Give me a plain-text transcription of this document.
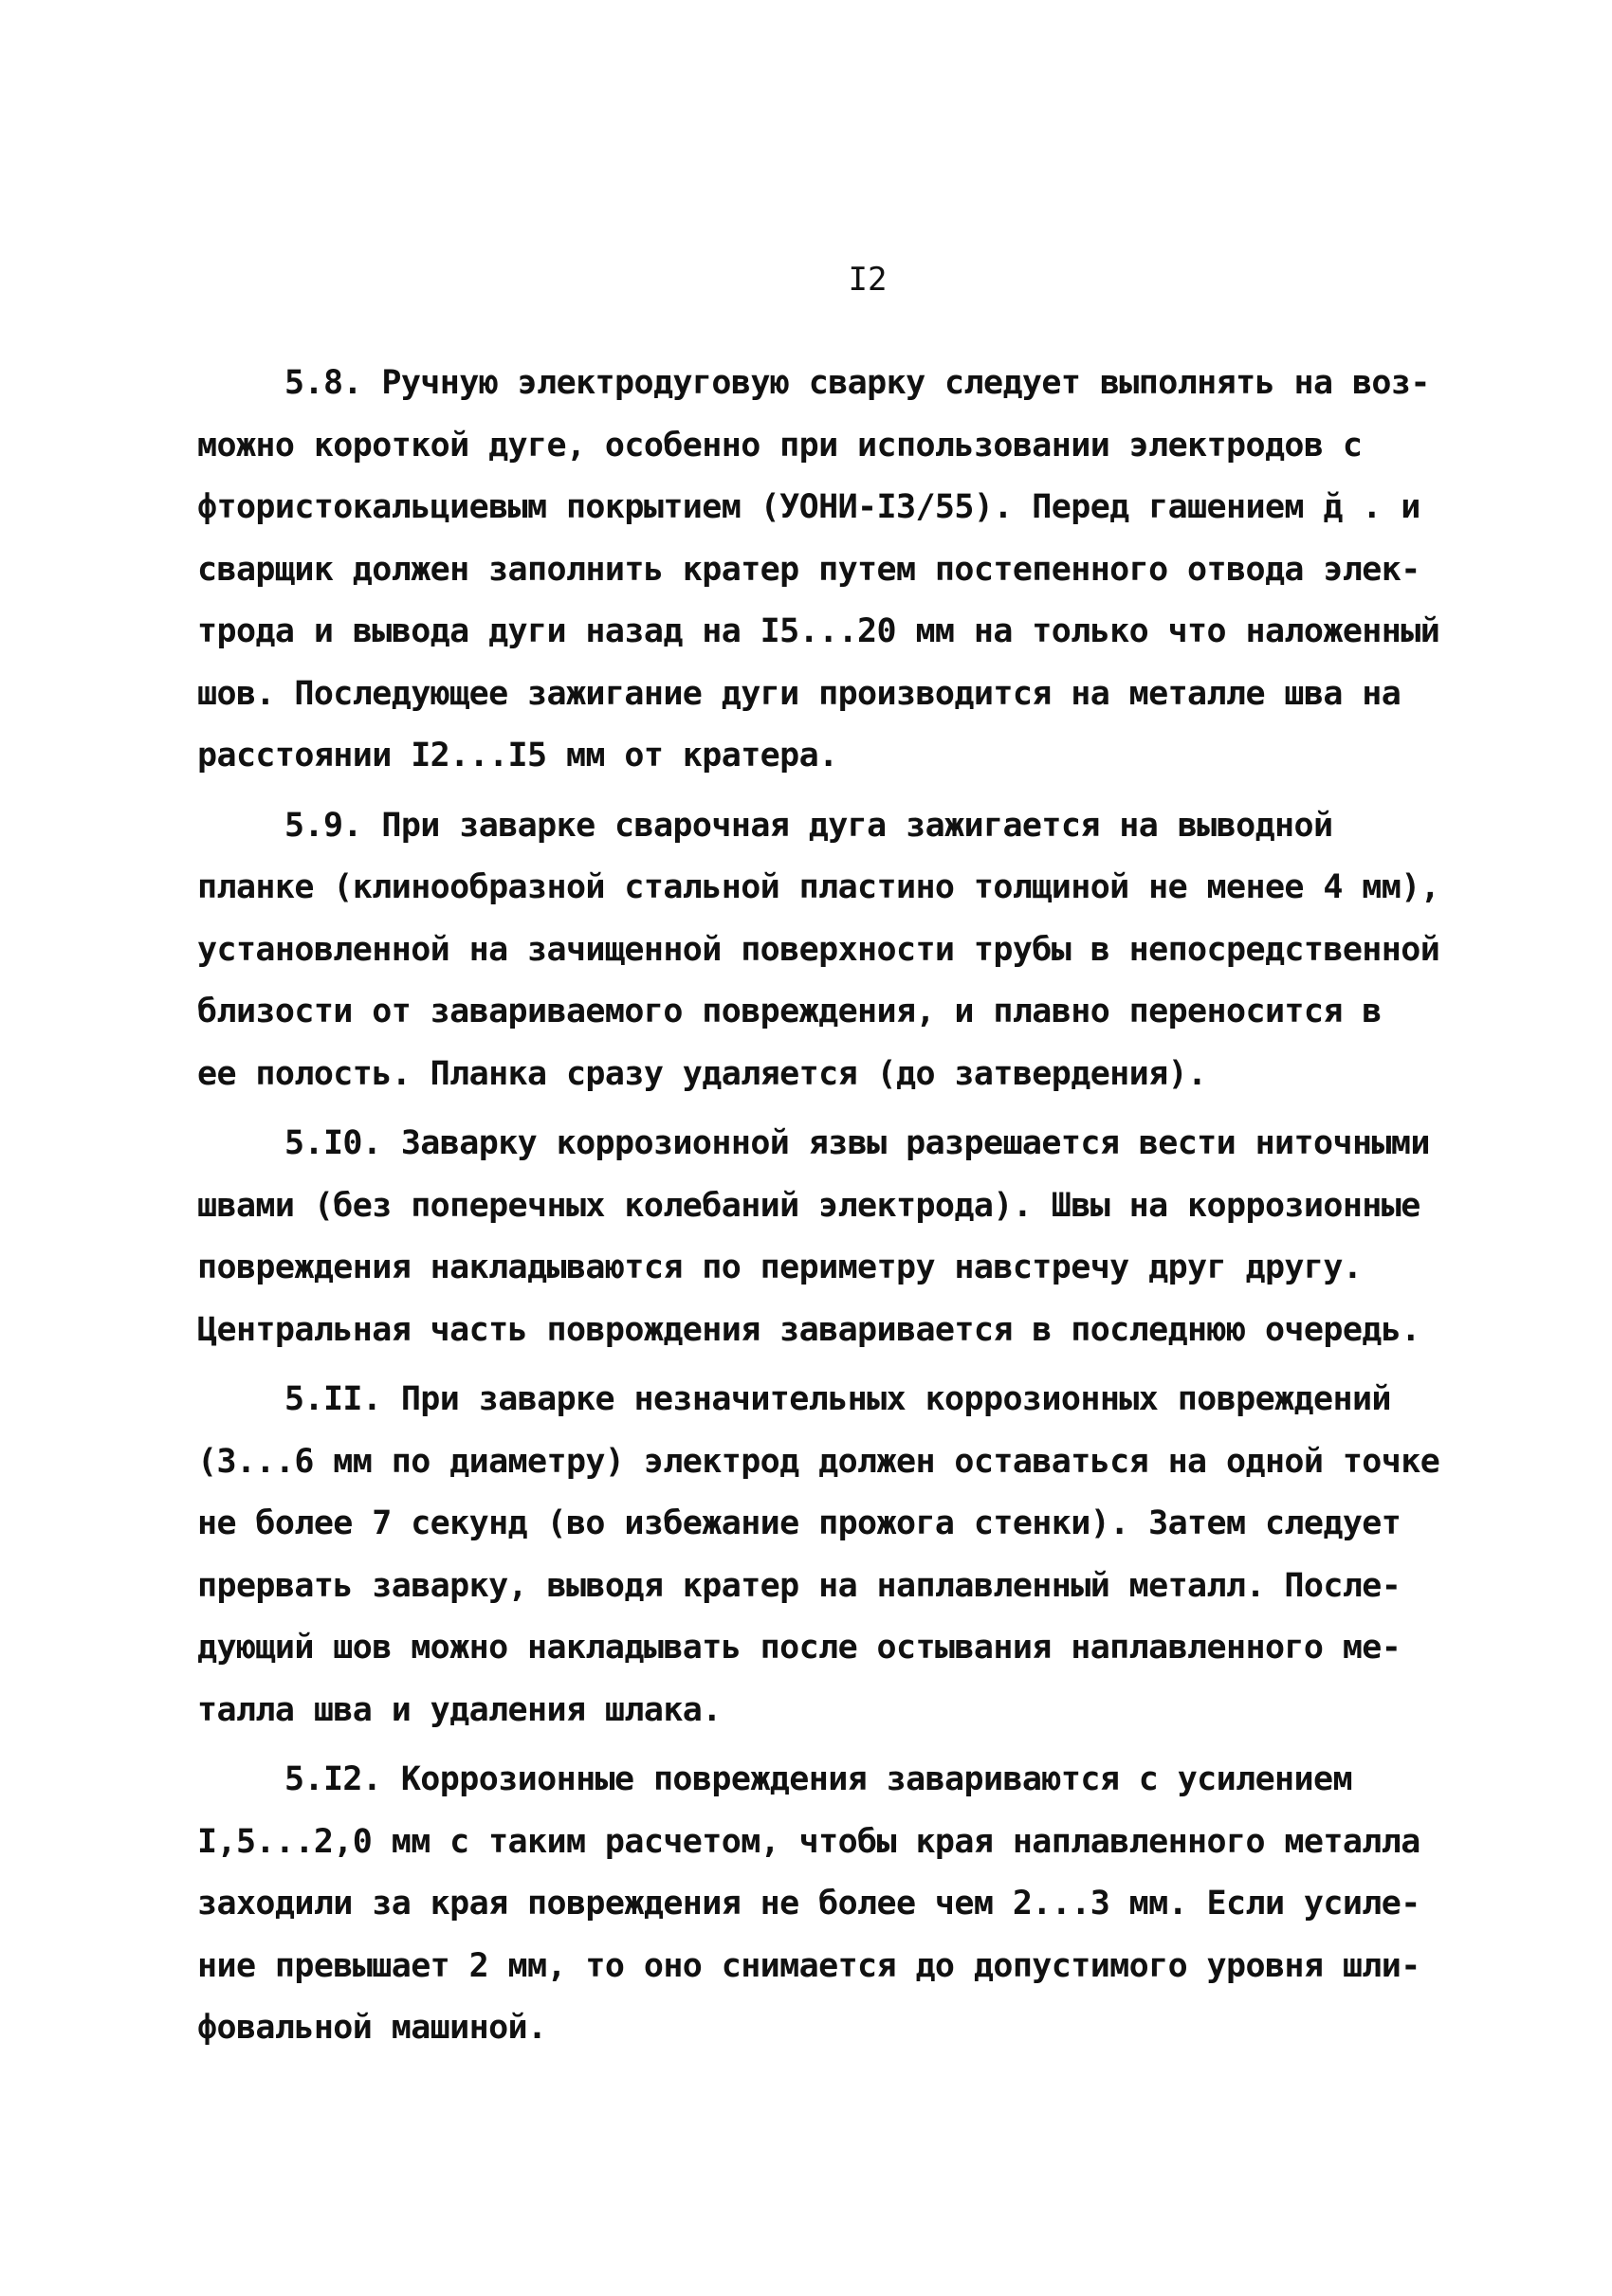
I2
5.8. Ручную электродуговую сварку следует выполнять на воз-
можно короткой дуге, особенно при использовании электродов с
фтористокальциевым покрытием (УОНИ-I3/55). Перед гашением д̆ . и
сварщик должен заполнить кратер путем постепенного отвода элек-
трода и вывода дуги назад на I5...20 мм на только что наложенный
шов. Последующее зажигание дуги производится на металле шва на
расстоянии I2...I5 мм от кратера.
5.9. При заварке сварочная дуга зажигается на выводной
планке (клинообразной стальной пластино толщиной не менее 4 мм),
установленной на зачищенной поверхности трубы в непосредственной
близости от завариваемого повреждения, и плавно переносится в
ее полость. Планка сразу удаляется (до затвердения).
5.I0. Заварку коррозионной язвы разрешается вести ниточными
швами (без поперечных колебаний электрода). Швы на коррозионные
повреждения накладываются по периметру навстречу друг другу.
Центральная часть поврождения заваривается в последнюю очередь.
5.II. При заварке незначительных коррозионных повреждений
(3...6 мм по диаметру) электрод должен оставаться на одной точке
не более 7 секунд (во избежание прожога стенки). Затем следует
прервать заварку, выводя кратер на наплавленный металл. После-
дующий шов можно накладывать после остывания наплавленного ме-
талла шва и удаления шлака.
5.I2. Коррозионные повреждения завариваются с усилением
I,5...2,0 мм с таким расчетом, чтобы края наплавленного металла
заходили за края повреждения не более чем 2...3 мм. Если усиле-
ние превышает 2 мм, то оно снимается до допустимого уровня шли-
фовальной машиной.
